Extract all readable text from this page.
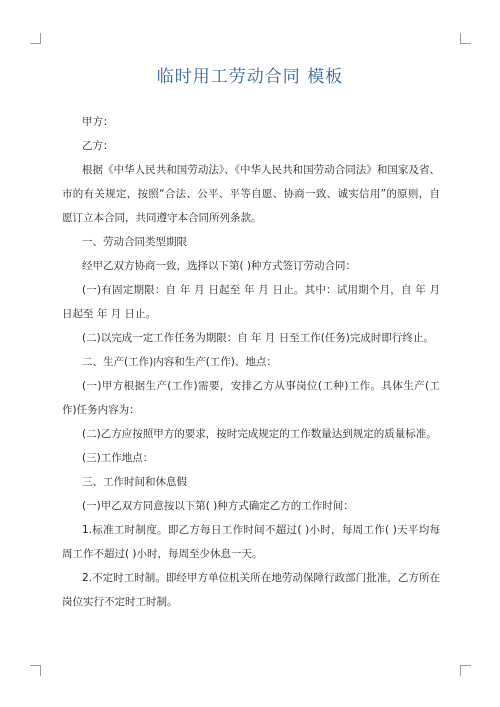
临时用工劳动合同 模板

甲方：

乙方：

根据《中华人民共和国劳动法》、《中华人民共和国劳动合同法》和国家及省、市的有关规定，按照“合法、公平、平等自愿、协商一致、诚实信用”的原则，自愿订立本合同，共同遵守本合同所列条款。

一、劳动合同类型期限

经甲乙双方协商一致，选择以下第( )种方式签订劳动合同：

(一)有固定期限：自 年 月 日起至 年 月 日止。其中：试用期个月，自 年 月 日起至 年 月 日止。

(二)以完成一定工作任务为期限：自 年 月 日至工作(任务)完成时即行终止。

二、生产(工作)内容和生产(工作)、地点：

(一)甲方根据生产(工作)需要，安排乙方从事岗位(工种)工作。具体生产(工作)任务内容为：

(二)乙方应按照甲方的要求，按时完成规定的工作数量达到规定的质量标准。

(三)工作地点：

三、工作时间和休息假

(一)甲乙双方同意按以下第( )种方式确定乙方的工作时间：

1.标准工时制度。即乙方每日工作时间不超过( )小时，每周工作( )天平均每周工作不超过( )小时，每周至少休息一天。

2.不定时工时制。即经甲方单位机关所在地劳动保障行政部门批准，乙方所在岗位实行不定时工时制。
